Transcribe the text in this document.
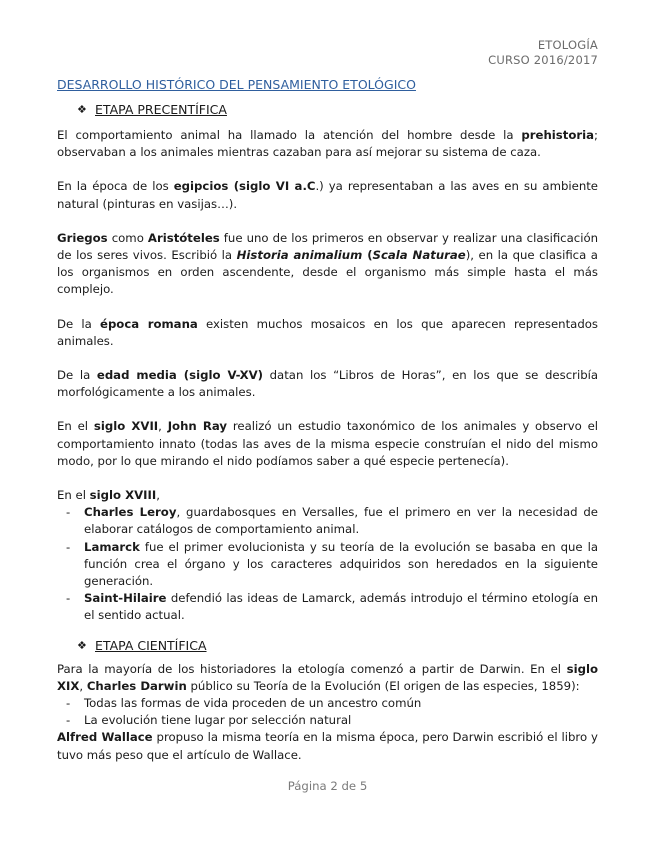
ETOLOGÍA
CURSO 2016/2017
DESARROLLO HISTÓRICO DEL PENSAMIENTO ETOLÓGICO
❖ ETAPA PRECENTÍFICA

El comportamiento animal ha llamado la atención del hombre desde la prehistoria; observaban a los animales mientras cazaban para así mejorar su sistema de caza.

En la época de los egipcios (siglo VI a.C.) ya representaban a las aves en su ambiente natural (pinturas en vasijas…).

Griegos como Aristóteles fue uno de los primeros en observar y realizar una clasificación de los seres vivos. Escribió la Historia animalium (Scala Naturae), en la que clasifica a los organismos en orden ascendente, desde el organismo más simple hasta el más complejo.

De la época romana existen muchos mosaicos en los que aparecen representados animales.

De la edad media (siglo V-XV) datan los “Libros de Horas”, en los que se describía morfológicamente a los animales.

En el siglo XVII, John Ray realizó un estudio taxonómico de los animales y observo el comportamiento innato (todas las aves de la misma especie construían el nido del mismo modo, por lo que mirando el nido podíamos saber a qué especie pertenecía).

En el siglo XVIII,

- Charles Leroy, guardabosques en Versalles, fue el primero en ver la necesidad de elaborar catálogos de comportamiento animal.
- Lamarck fue el primer evolucionista y su teoría de la evolución se basaba en que la función crea el órgano y los caracteres adquiridos son heredados en la siguiente generación.
- Saint-Hilaire defendió las ideas de Lamarck, además introdujo el término etología en el sentido actual.
❖ ETAPA CIENTÍFICA

Para la mayoría de los historiadores la etología comenzó a partir de Darwin. En el siglo XIX, Charles Darwin público su Teoría de la Evolución (El origen de las especies, 1859):

- Todas las formas de vida proceden de un ancestro común
- La evolución tiene lugar por selección natural

Alfred Wallace propuso la misma teoría en la misma época, pero Darwin escribió el libro y tuvo más peso que el artículo de Wallace.

Página 2 de 5
